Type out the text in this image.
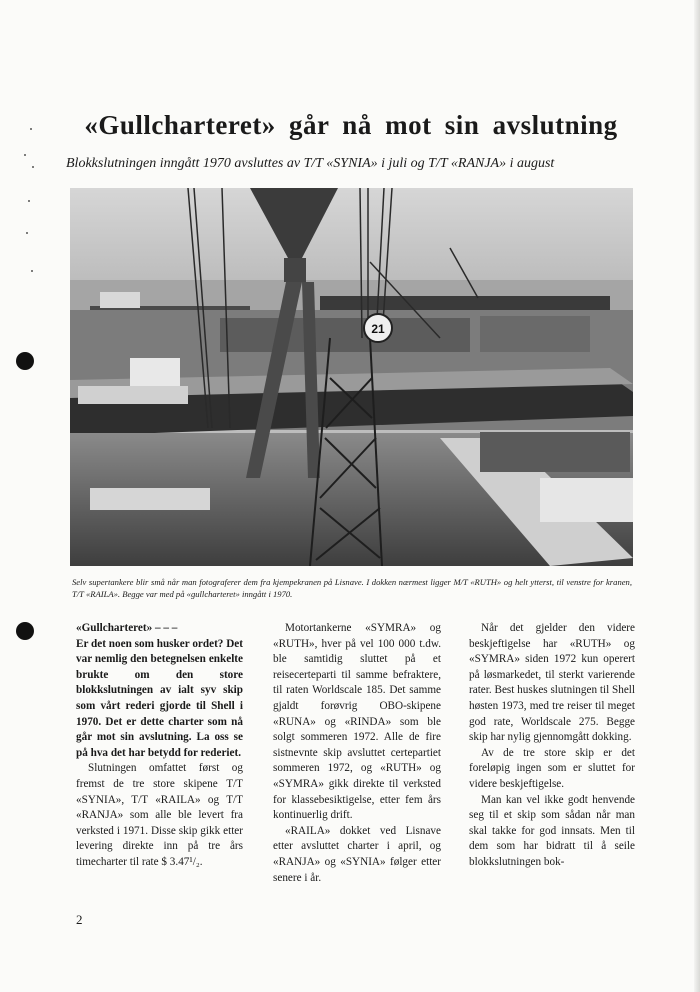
«Gullcharteret» går nå mot sin avslutning

Blokkslutningen inngått 1970 avsluttes av T/T «SYNIA» i juli og T/T «RANJA» i august

21
Selv supertankere blir små når man fotograferer dem fra kjempekranen på Lisnave. I dokken nærmest ligger M/T «RUTH» og helt ytterst, til venstre for kranen, T/T «RAILA». Begge var med på «gullcharteret» inngått i 1970.

«Gullcharteret» – – –

Er det noen som husker ordet? Det var nemlig den betegnelsen enkelte brukte om den store blokkslutningen av ialt syv skip som vårt rederi gjorde til Shell i 1970. Det er dette charter som nå går mot sin avslutning. La oss se på hva det har betydd for rederiet.

Slutningen omfattet først og fremst de tre store skipene T/T «SYNIA», T/T «RAILA» og T/T «RANJA» som alle ble levert fra verksted i 1971. Disse skip gikk etter levering direkte inn på tre års timecharter til rate $ 3.47¹/₂.

Motortankerne «SYMRA» og «RUTH», hver på vel 100 000 t.dw. ble samtidig sluttet på et reisecerteparti til samme befraktere, til raten Worldscale 185. Det samme gjaldt forøvrig OBO-skipene «RUNA» og «RINDA» som ble solgt sommeren 1972. Alle de fire sistnevnte skip avsluttet certepartiet sommeren 1972, og «RUTH» og «SYMRA» gikk direkte til verksted for klassebesiktigelse, etter fem års kontinuerlig drift.

«RAILA» dokket ved Lisnave etter avsluttet charter i april, og «RANJA» og «SYNIA» følger etter senere i år.

Når det gjelder den videre beskjeftigelse har «RUTH» og «SYMRA» siden 1972 kun operert på løsmarkedet, til sterkt varierende rater. Best huskes slutningen til Shell høsten 1973, med tre reiser til meget god rate, Worldscale 275. Begge skip har nylig gjennomgått dokking.

Av de tre store skip er det foreløpig ingen som er sluttet for videre beskjeftigelse.

Man kan vel ikke godt henvende seg til et skip som sådan når man skal takke for god innsats. Men til dem som har bidratt til å seile blokkslutningen bok-

2
